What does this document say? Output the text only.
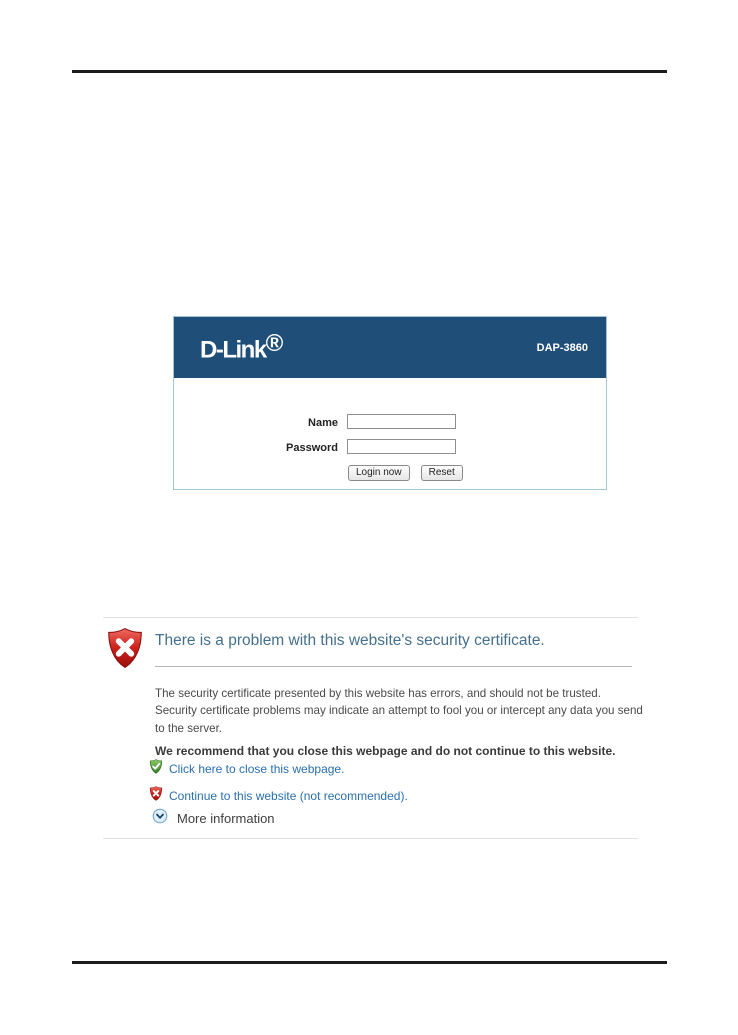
D-Link®	DAP-3860
Name
Password
Login now	Reset
There is a problem with this website's security certificate.
The security certificate presented by this website has errors, and should not be trusted.
Security certificate problems may indicate an attempt to fool you or intercept any data you send to the server.
We recommend that you close this webpage and do not continue to this website.
Click here to close this webpage.
Continue to this website (not recommended).
More information
